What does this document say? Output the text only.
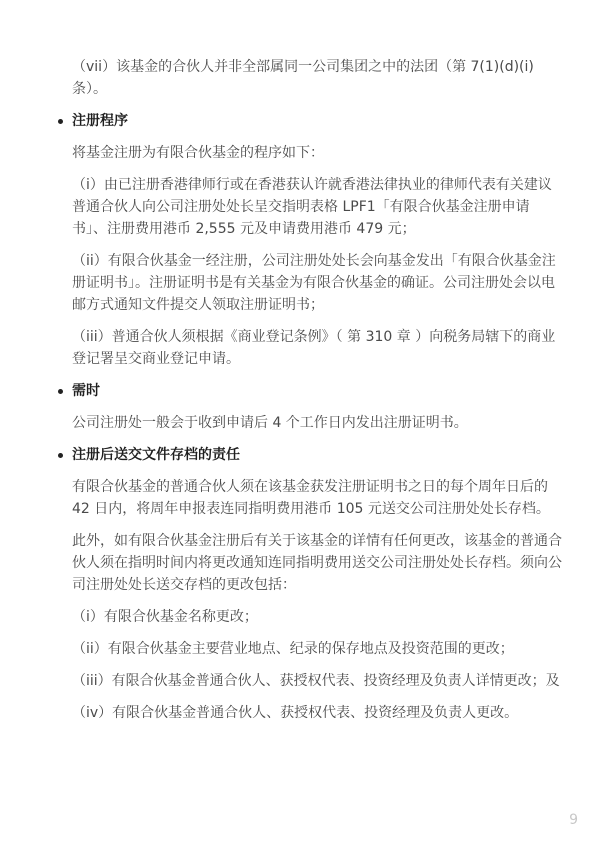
（vii）该基金的合伙人并非全部属同一公司集团之中的法团（第 7(1)(d)(i) 条）。

注册程序

将基金注册为有限合伙基金的程序如下：

（i）由已注册香港律师行或在香港获认许就香港法律执业的律师代表有关建议普通合伙人向公司注册处处长呈交指明表格 LPF1「有限合伙基金注册申请书」、注册费用港币 2,555 元及申请费用港币 479 元；

（ii）有限合伙基金一经注册，公司注册处处长会向基金发出「有限合伙基金注册证明书」。注册证明书是有关基金为有限合伙基金的确证。公司注册处会以电邮方式通知文件提交人领取注册证明书；

（iii）普通合伙人须根据《商业登记条例》（ 第 310 章 ）向税务局辖下的商业登记署呈交商业登记申请。

需时

公司注册处一般会于收到申请后 4 个工作日内发出注册证明书。

注册后送交文件存档的责任

有限合伙基金的普通合伙人须在该基金获发注册证明书之日的每个周年日后的 42 日内，将周年申报表连同指明费用港币 105 元送交公司注册处处长存档。

此外，如有限合伙基金注册后有关于该基金的详情有任何更改，该基金的普通合伙人须在指明时间内将更改通知连同指明费用送交公司注册处处长存档。须向公司注册处处长送交存档的更改包括：

（i）有限合伙基金名称更改；

（ii）有限合伙基金主要营业地点、纪录的保存地点及投资范围的更改；

（iii）有限合伙基金普通合伙人、获授权代表、投资经理及负责人详情更改；及

（iv）有限合伙基金普通合伙人、获授权代表、投资经理及负责人更改。

9
